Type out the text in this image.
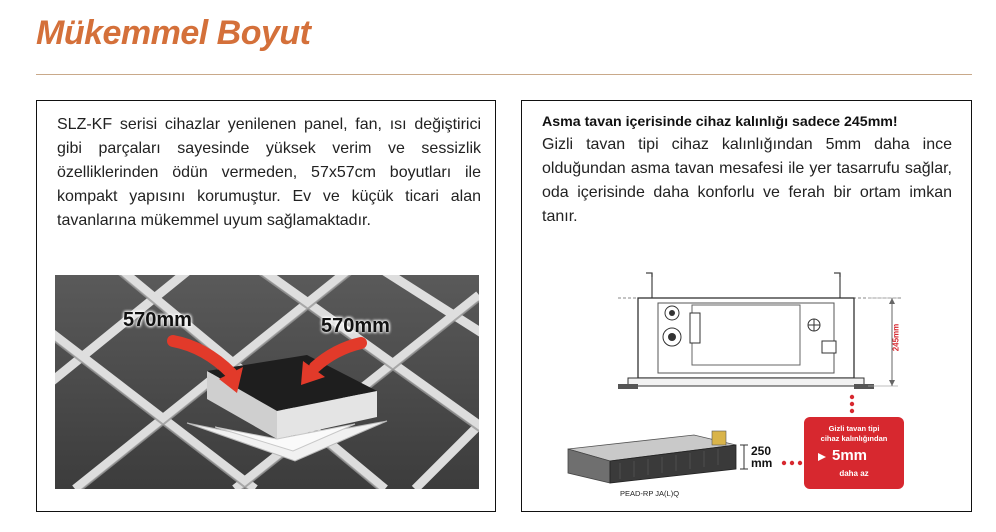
Mükemmel Boyut
SLZ-KF serisi cihazlar yenilenen panel, fan, ısı değiştirici gibi parçaları sayesinde yüksek verim ve sessizlik özelliklerinden ödün vermeden, 57x57cm boyutları ile kompakt yapısını korumuştur. Ev ve küçük ticari alan tavanlarına mükemmel uyum sağlamaktadır.
570mm	570mm
Asma tavan içerisinde cihaz kalınlığı sadece 245mm!
Gizli tavan tipi cihaz kalınlığından 5mm daha ince olduğundan asma tavan mesafesi ile yer tasarrufu sağlar, oda içerisinde daha konforlu ve ferah bir ortam imkan tanır.
245mm
250
mm
PEAD-RP JA(L)Q
Gizli tavan tipi
cihaz kalınlığından
5mm
daha az
